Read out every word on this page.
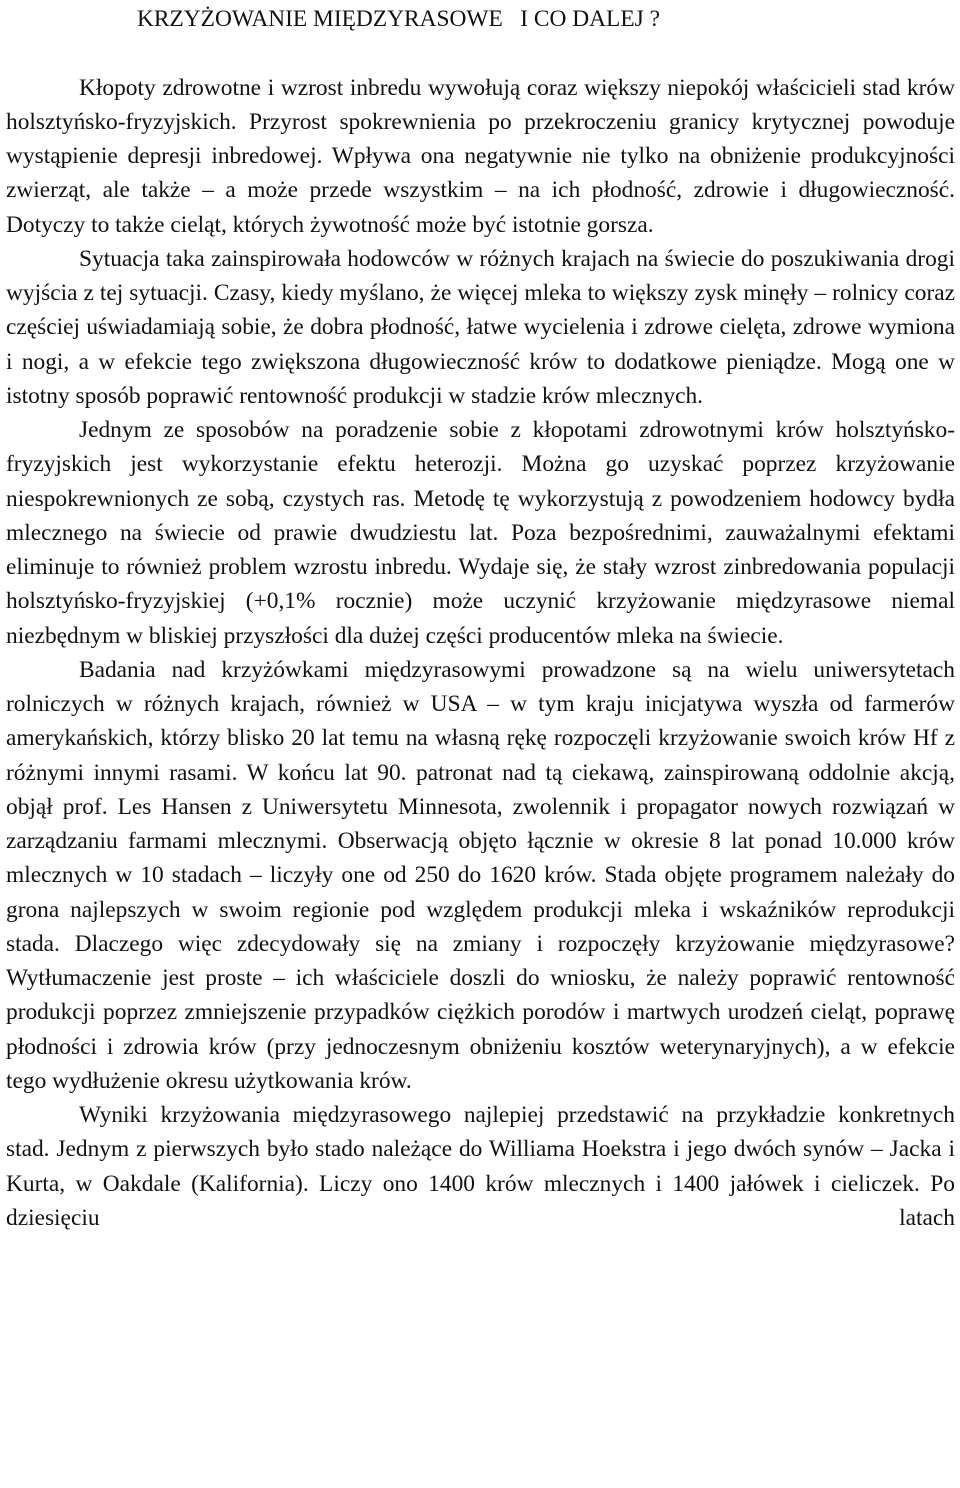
KRZYŻOWANIE MIĘDZYRASOWE   I CO DALEJ ?

Kłopoty zdrowotne i wzrost inbredu wywołują coraz większy niepokój właścicieli stad krów holsztyńsko-fryzyjskich. Przyrost spokrewnienia po przekroczeniu granicy krytycznej powoduje wystąpienie depresji inbredowej. Wpływa ona negatywnie nie tylko na obniżenie produkcyjności zwierząt, ale także – a może przede wszystkim – na ich płodność, zdrowie i długowieczność. Dotyczy to także cieląt, których żywotność może być istotnie gorsza.

Sytuacja taka zainspirowała hodowców w różnych krajach na świecie do poszukiwania drogi wyjścia z tej sytuacji. Czasy, kiedy myślano, że więcej mleka to większy zysk minęły – rolnicy coraz częściej uświadamiają sobie, że dobra płodność, łatwe wycielenia i zdrowe cielęta, zdrowe wymiona i nogi, a w efekcie tego zwiększona długowieczność krów to dodatkowe pieniądze. Mogą one w istotny sposób poprawić rentowność produkcji w stadzie krów mlecznych.

Jednym ze sposobów na poradzenie sobie z kłopotami zdrowotnymi krów holsztyńsko-fryzyjskich jest wykorzystanie efektu heterozji. Można go uzyskać poprzez krzyżowanie niespokrewnionych ze sobą, czystych ras. Metodę tę wykorzystują z powodzeniem hodowcy bydła mlecznego na świecie od prawie dwudziestu lat. Poza bezpośrednimi, zauważalnymi efektami eliminuje to również problem wzrostu inbredu. Wydaje się, że stały wzrost zinbredowania populacji holsztyńsko-fryzyjskiej (+0,1% rocznie) może uczynić krzyżowanie międzyrasowe niemal niezbędnym w bliskiej przyszłości dla dużej części producentów mleka na świecie.

Badania nad krzyżówkami międzyrasowymi prowadzone są na wielu uniwersytetach rolniczych w różnych krajach, również w USA – w tym kraju inicjatywa wyszła od farmerów amerykańskich, którzy blisko 20 lat temu na własną rękę rozpoczęli krzyżowanie swoich krów Hf z różnymi innymi rasami. W końcu lat 90. patronat nad tą ciekawą, zainspirowaną oddolnie akcją, objął prof. Les Hansen z Uniwersytetu Minnesota, zwolennik i propagator nowych rozwiązań w zarządzaniu farmami mlecznymi. Obserwacją objęto łącznie w okresie 8 lat ponad 10.000 krów mlecznych w 10 stadach – liczyły one od 250 do 1620 krów. Stada objęte programem należały do grona najlepszych w swoim regionie pod względem produkcji mleka i wskaźników reprodukcji stada. Dlaczego więc zdecydowały się na zmiany i rozpoczęły krzyżowanie międzyrasowe? Wytłumaczenie jest proste – ich właściciele doszli do wniosku, że należy poprawić rentowność produkcji poprzez zmniejszenie przypadków ciężkich porodów i martwych urodzeń cieląt, poprawę płodności i zdrowia krów (przy jednoczesnym obniżeniu kosztów weterynaryjnych), a w efekcie tego wydłużenie okresu użytkowania krów.

Wyniki krzyżowania międzyrasowego najlepiej przedstawić na przykładzie konkretnych stad. Jednym z pierwszych było stado należące do Williama Hoekstra i jego dwóch synów – Jacka i Kurta, w Oakdale (Kalifornia). Liczy ono 1400 krów mlecznych i 1400 jałówek i cieliczek. Po dziesięciu latach
